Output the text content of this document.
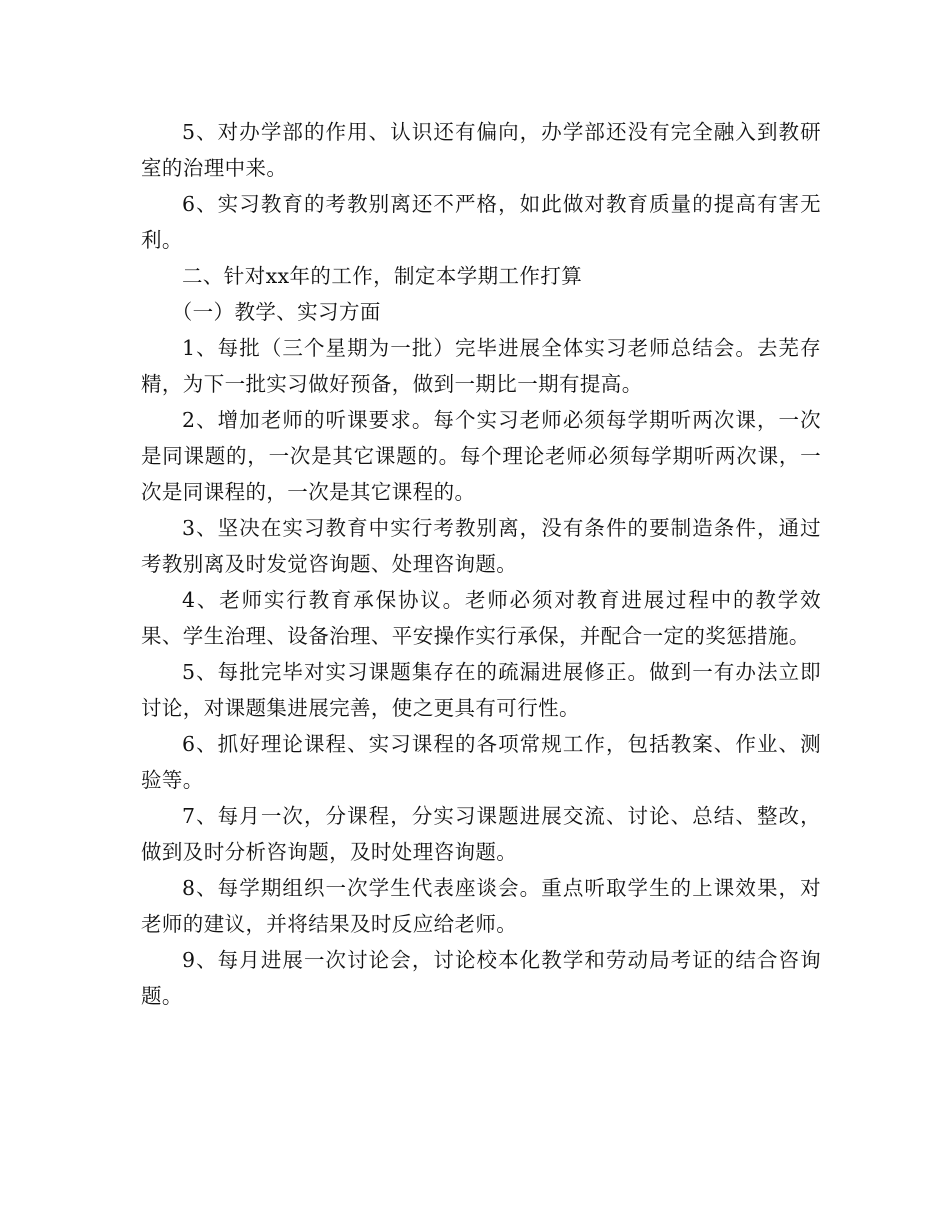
5、对办学部的作用、认识还有偏向，办学部还没有完全融入到教研室的治理中来。

6、实习教育的考教别离还不严格，如此做对教育质量的提高有害无利。

二、针对xx年的工作，制定本学期工作打算

（一）教学、实习方面

1、每批（三个星期为一批）完毕进展全体实习老师总结会。去芜存精，为下一批实习做好预备，做到一期比一期有提高。

2、增加老师的听课要求。每个实习老师必须每学期听两次课，一次是同课题的，一次是其它课题的。每个理论老师必须每学期听两次课，一次是同课程的，一次是其它课程的。

3、坚决在实习教育中实行考教别离，没有条件的要制造条件，通过考教别离及时发觉咨询题、处理咨询题。

4、老师实行教育承保协议。老师必须对教育进展过程中的教学效果、学生治理、设备治理、平安操作实行承保，并配合一定的奖惩措施。

5、每批完毕对实习课题集存在的疏漏进展修正。做到一有办法立即讨论，对课题集进展完善，使之更具有可行性。

6、抓好理论课程、实习课程的各项常规工作，包括教案、作业、测验等。

7、每月一次，分课程，分实习课题进展交流、讨论、总结、整改，做到及时分析咨询题，及时处理咨询题。

8、每学期组织一次学生代表座谈会。重点听取学生的上课效果，对老师的建议，并将结果及时反应给老师。

9、每月进展一次讨论会，讨论校本化教学和劳动局考证的结合咨询题。
